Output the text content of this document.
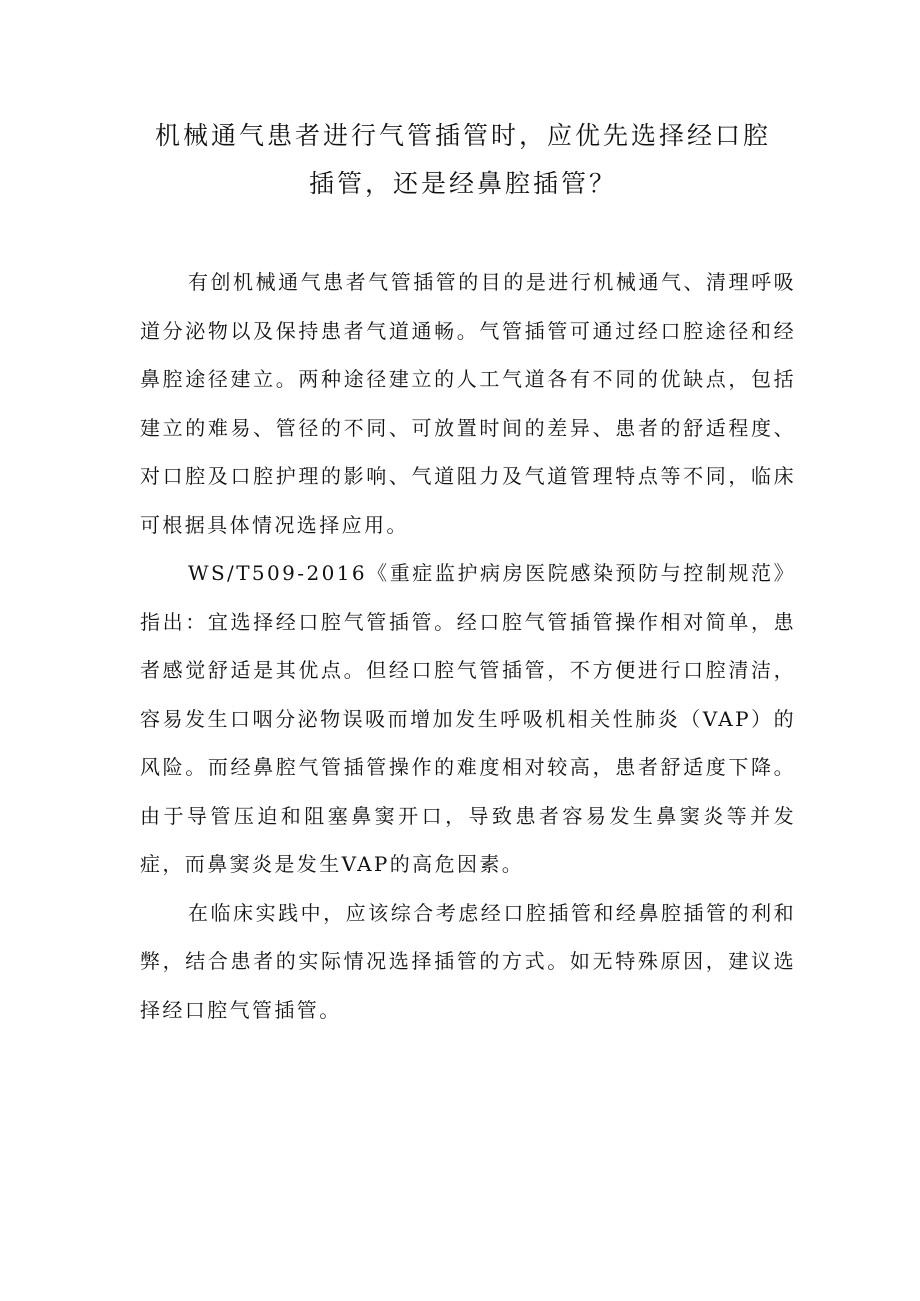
机械通气患者进行气管插管时，应优先选择经口腔插管，还是经鼻腔插管？

有创机械通气患者气管插管的目的是进行机械通气、清理呼吸道分泌物以及保持患者气道通畅。气管插管可通过经口腔途径和经鼻腔途径建立。两种途径建立的人工气道各有不同的优缺点，包括建立的难易、管径的不同、可放置时间的差异、患者的舒适程度、对口腔及口腔护理的影响、气道阻力及气道管理特点等不同，临床可根据具体情况选择应用。

WS/T509-2016《重症监护病房医院感染预防与控制规范》指出：宜选择经口腔气管插管。经口腔气管插管操作相对简单，患者感觉舒适是其优点。但经口腔气管插管，不方便进行口腔清洁，容易发生口咽分泌物误吸而增加发生呼吸机相关性肺炎（VAP）的风险。而经鼻腔气管插管操作的难度相对较高，患者舒适度下降。由于导管压迫和阻塞鼻窦开口，导致患者容易发生鼻窦炎等并发症，而鼻窦炎是发生VAP的高危因素。

在临床实践中，应该综合考虑经口腔插管和经鼻腔插管的利和弊，结合患者的实际情况选择插管的方式。如无特殊原因，建议选择经口腔气管插管。
